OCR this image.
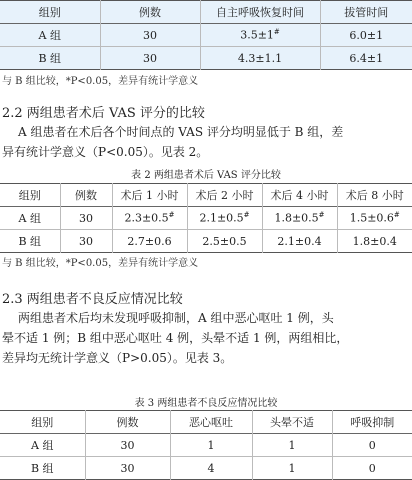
组别	例数	自主呼吸恢复时间	拔管时间
A 组	30	3.5±1#	6.0±1
B 组	30	4.3±1.1	6.4±1
与 B 组比较，*P<0.05，差异有统计学意义
2.2 两组患者术后 VAS 评分的比较
A 组患者在术后各个时间点的 VAS 评分均明显低于 B 组，差
异有统计学意义（P<0.05）。见表 2。
表 2 两组患者术后 VAS 评分比较
组别	例数	术后 1 小时	术后 2 小时	术后 4 小时	术后 8 小时
A 组	30	2.3±0.5#	2.1±0.5#	1.8±0.5#	1.5±0.6#
B 组	30	2.7±0.6	2.5±0.5	2.1±0.4	1.8±0.4
与 B 组比较，*P<0.05，差异有统计学意义
2.3 两组患者不良反应情况比较
两组患者术后均未发现呼吸抑制，A 组中恶心呕吐 1 例，头
晕不适 1 例；B 组中恶心呕吐 4 例，头晕不适 1 例，两组相比，
差异均无统计学意义（P>0.05）。见表 3。
表 3 两组患者不良反应情况比较
组别	例数	恶心呕吐	头晕不适	呼吸抑制
A 组	30	1	1	0
B 组	30	4	1	0
